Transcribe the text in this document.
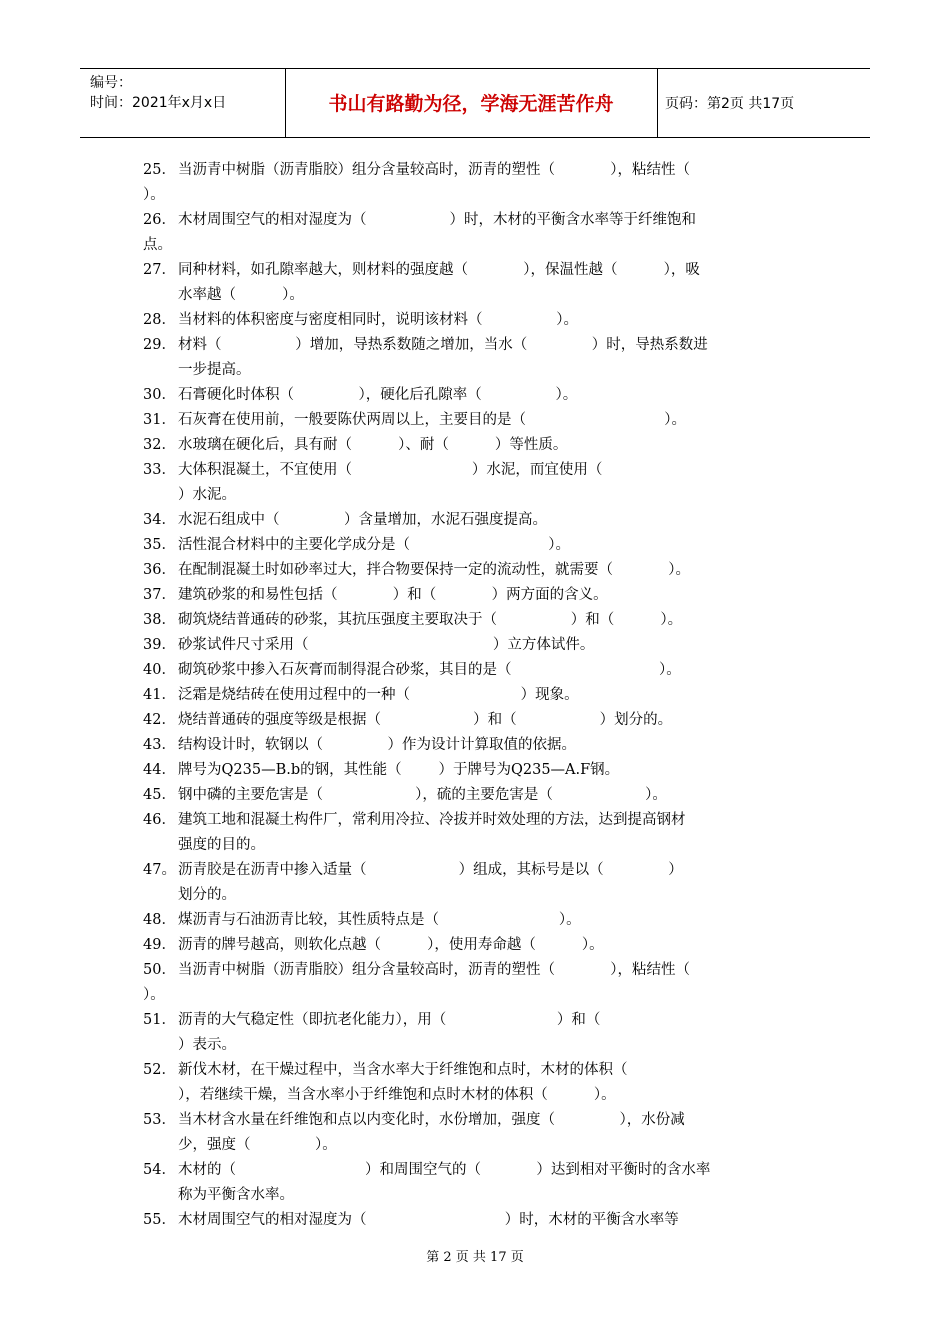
编号：
时间：2021年x月x日	书山有路勤为径，学海无涯苦作舟	页码：第2页 共17页
25． 当沥青中树脂（沥青脂胶）组分含量较高时，沥青的塑性（            ），粘结性（
）。
26． 木材周围空气的相对湿度为（                  ）时，木材的平衡含水率等于纤维饱和
点。
27． 同种材料，如孔隙率越大，则材料的强度越（            ），保温性越（          ），吸
水率越（          ）。
28． 当材料的体积密度与密度相同时，说明该材料（                ）。
29． 材料（                ）增加，导热系数随之增加，当水（              ）时，导热系数进
一步提高。
30． 石膏硬化时体积（              ），硬化后孔隙率（                ）。
31． 石灰膏在使用前，一般要陈伏两周以上，主要目的是（                              ）。
32． 水玻璃在硬化后，具有耐（          ）、耐（          ）等性质。
33． 大体积混凝土，不宜使用（                          ）水泥，而宜使用（
）水泥。
34． 水泥石组成中（              ）含量增加，水泥石强度提高。
35． 活性混合材料中的主要化学成分是（                              ）。
36． 在配制混凝土时如砂率过大，拌合物要保持一定的流动性，就需要（            ）。
37． 建筑砂浆的和易性包括（            ）和（            ）两方面的含义。
38． 砌筑烧结普通砖的砂浆，其抗压强度主要取决于（                ）和（          ）。
39． 砂浆试件尺寸采用（                                        ）立方体试件。
40． 砌筑砂浆中掺入石灰膏而制得混合砂浆，其目的是（                                ）。
41． 泛霜是烧结砖在使用过程中的一种（                        ）现象。
42． 烧结普通砖的强度等级是根据（                    ）和（                  ）划分的。
43． 结构设计时，软钢以（              ）作为设计计算取值的依据。
44． 牌号为Q235—B.b的钢，其性能（        ）于牌号为Q235—A.F钢。
45． 钢中磷的主要危害是（                    ），硫的主要危害是（                    ）。
46． 建筑工地和混凝土构件厂，常利用冷拉、冷拔并时效处理的方法，达到提高钢材
强度的目的。
47。 沥青胶是在沥青中掺入适量（                    ）组成，其标号是以（              ）
划分的。
48． 煤沥青与石油沥青比较，其性质特点是（                          ）。
49． 沥青的牌号越高，则软化点越（          ），使用寿命越（          ）。
50． 当沥青中树脂（沥青脂胶）组分含量较高时，沥青的塑性（            ），粘结性（
）。
51． 沥青的大气稳定性（即抗老化能力），用（                        ）和（
）表示。
52． 新伐木材，在干燥过程中，当含水率大于纤维饱和点时，木材的体积（
），若继续干燥，当含水率小于纤维饱和点时木材的体积（          ）。
53． 当木材含水量在纤维饱和点以内变化时，水份增加，强度（              ），水份减
少，强度（              ）。
54． 木材的（                            ）和周围空气的（            ）达到相对平衡时的含水率
称为平衡含水率。
55． 木材周围空气的相对湿度为（                              ）时，木材的平衡含水率等
第 2 页 共 17 页
